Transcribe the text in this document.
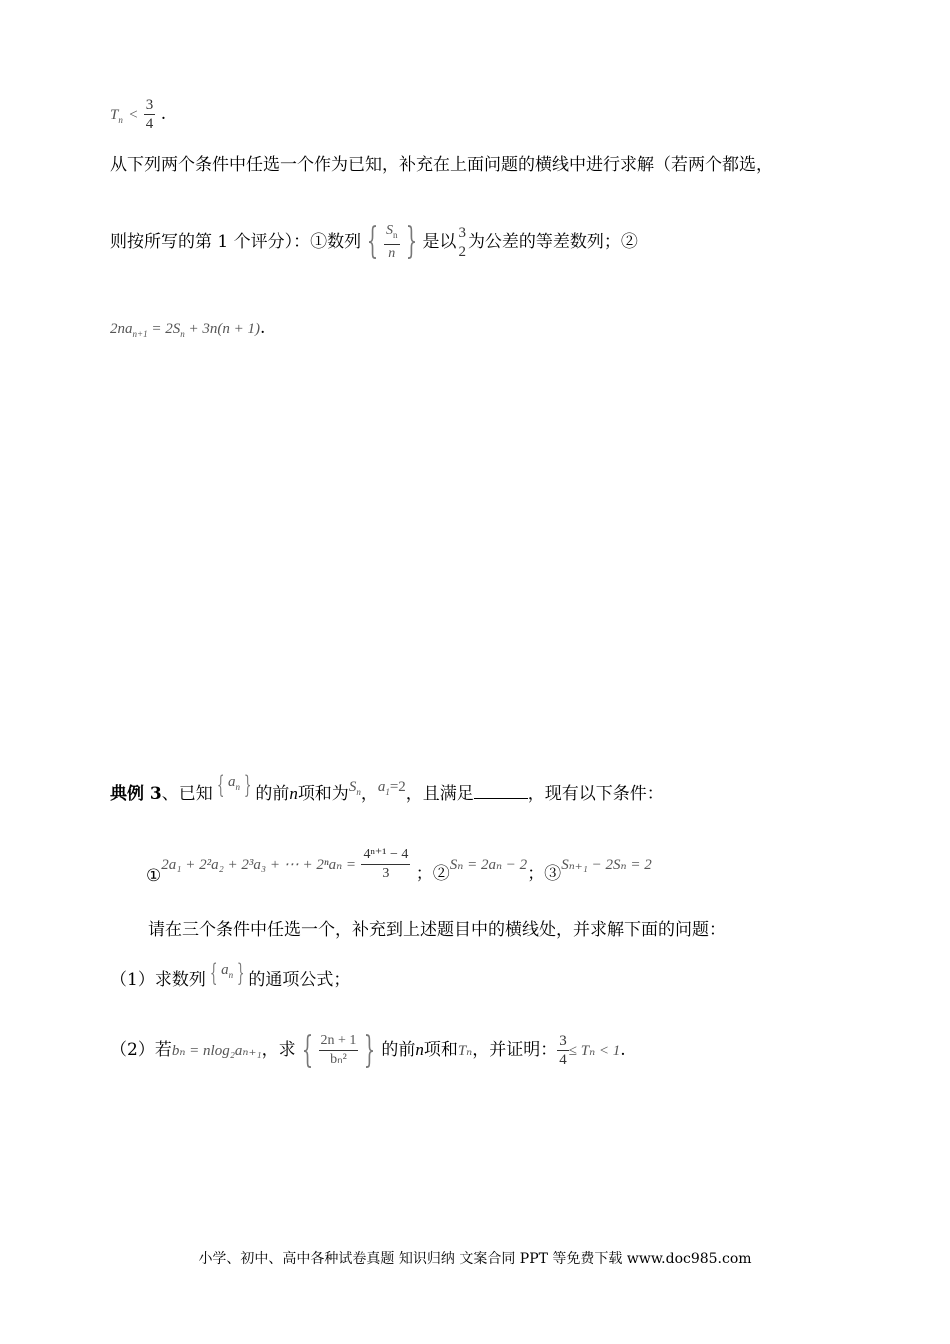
$T_n < \frac{3}{4}$ .
从下列两个条件中任选一个作为已知，补充在上面问题的横线中进行求解（若两个都选，
则按所写的第 1 个评分）：①数列 { $\frac{S_n}{n}$ } 是以 $\frac{3}{2}$ 为公差的等差数列；②
$2na_{n+1} = 2S_n + 3n(n + 1)$.
典例 3、已知 { $a_n$ } 的前n项和为$S_n$，$a_1=2$，且满足	，现有以下条件：
①2a₁ + 2²a₂ + 2³a₃ + ⋯ + $2^na_n = \frac{\text{4ⁿ⁺¹ − 4}}{3}$ ；②Sₙ = 2aₙ − 2；③Sₙ₊₁ − 2Sₙ = 2
请在三个条件中任选一个，补充到上述题目中的横线处，并求解下面的问题：
（1）求数列 { $a_n$ } 的通项公式；
（2）若bₙ = nlog₂aₙ₊₁，求 { $\frac{2n + 1}{\text{bₙ²}}$ } 的前n项和Tₙ，并证明： $\frac{3}{4} \le T_n < 1$.
小学、初中、高中各种试卷真题 知识归纳 文案合同 PPT 等免费下载 www.doc985.com
